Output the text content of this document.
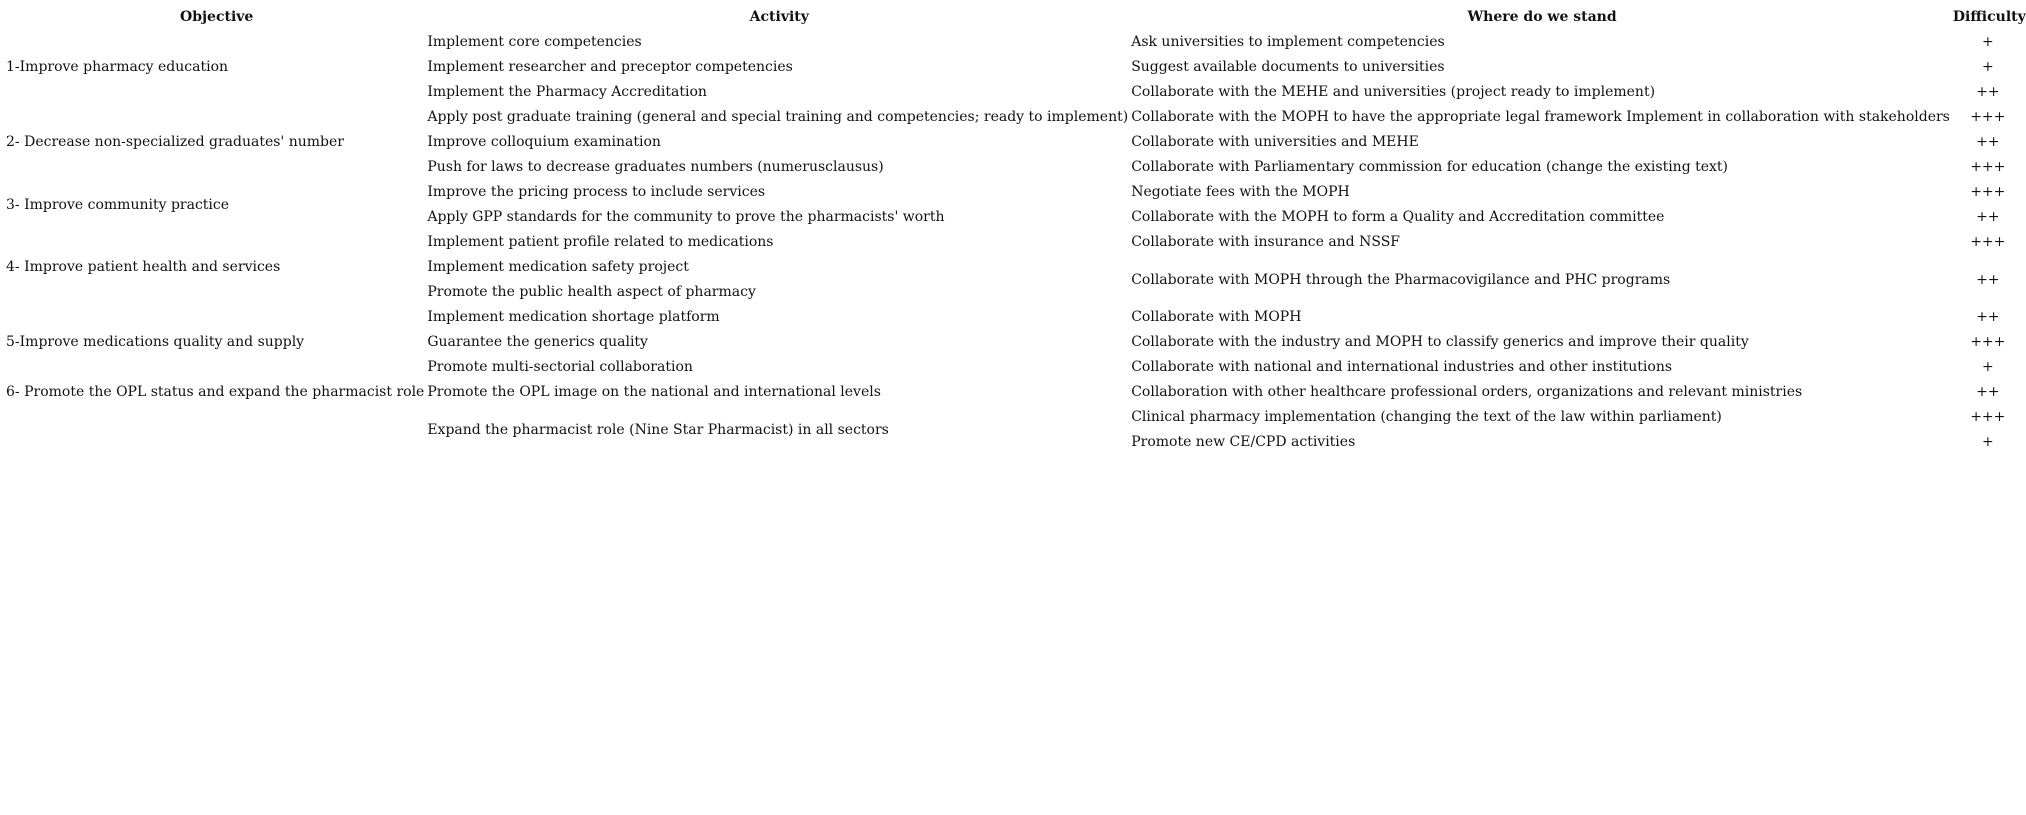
Objective	Activity	Where do we stand	Difficulty
1-Improve pharmacy education	Implement core competencies	Ask universities to implement competencies	+
	Implement researcher and preceptor competencies	Suggest available documents to universities	+
	Implement the Pharmacy Accreditation	Collaborate with the MEHE and universities (project ready to implement)	++
2- Decrease non-specialized graduates' number	Apply post graduate training (general and special training and competencies; ready to implement)	Collaborate with the MOPH to have the appropriate legal framework Implement in collaboration with stakeholders	+++
	Improve colloquium examination	Collaborate with universities and MEHE	++
	Push for laws to decrease graduates numbers (numerusclausus)	Collaborate with Parliamentary commission for education (change the existing text)	+++
3- Improve community practice	Improve the pricing process to include services	Negotiate fees with the MOPH	+++
	Apply GPP standards for the community to prove the pharmacists' worth	Collaborate with the MOPH to form a Quality and Accreditation committee	++
4- Improve patient health and services	Implement patient profile related to medications	Collaborate with insurance and NSSF	+++
	Implement medication safety project	Collaborate with MOPH through the Pharmacovigilance and PHC programs	++
	Promote the public health aspect of pharmacy		
5-Improve medications quality and supply	Implement medication shortage platform	Collaborate with MOPH	++
	Guarantee the generics quality	Collaborate with the industry and MOPH to classify generics and improve their quality	+++
	Promote multi-sectorial collaboration	Collaborate with national and international industries and other institutions	+
6- Promote the OPL status and expand the pharmacist role	Promote the OPL image on the national and international levels	Collaboration with other healthcare professional orders, organizations and relevant ministries	++
	Expand the pharmacist role (Nine Star Pharmacist) in all sectors	Clinical pharmacy implementation (changing the text of the law within parliament)	+++
		Promote new CE/CPD activities	+
